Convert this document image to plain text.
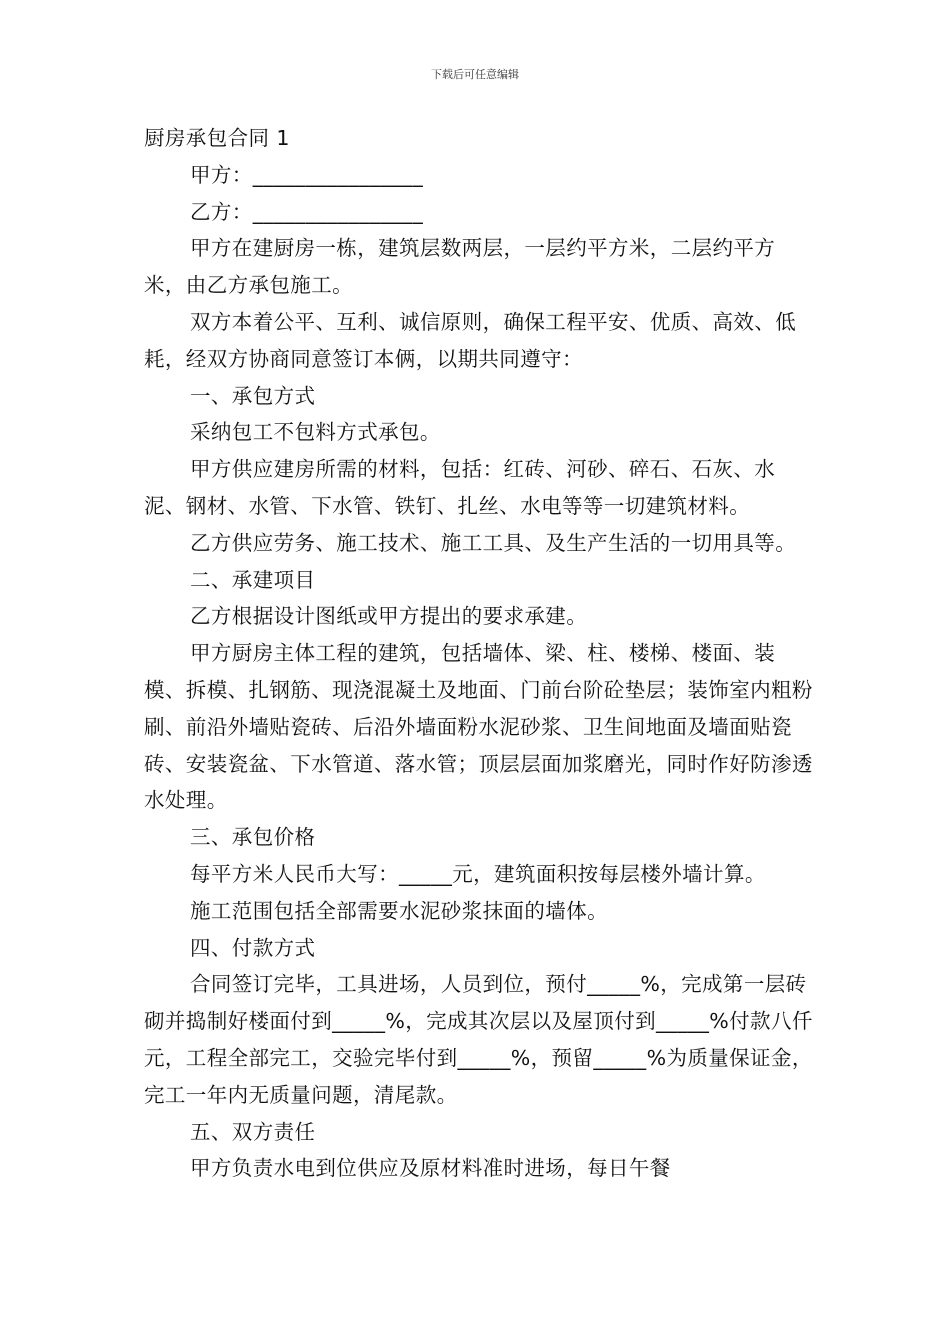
下载后可任意编辑

厨房承包合同 1

甲方：________________

乙方：________________

甲方在建厨房一栋，建筑层数两层，一层约平方米，二层约平方米，由乙方承包施工。

双方本着公平、互利、诚信原则，确保工程平安、优质、高效、低耗，经双方协商同意签订本俩，以期共同遵守：

一、承包方式

采纳包工不包料方式承包。

甲方供应建房所需的材料，包括：红砖、河砂、碎石、石灰、水泥、钢材、水管、下水管、铁钉、扎丝、水电等等一切建筑材料。

乙方供应劳务、施工技术、施工工具、及生产生活的一切用具等。

二、承建项目

乙方根据设计图纸或甲方提出的要求承建。

甲方厨房主体工程的建筑，包括墙体、梁、柱、楼梯、楼面、装模、拆模、扎钢筋、现浇混凝土及地面、门前台阶砼垫层；装饰室内粗粉刷、前沿外墙贴瓷砖、后沿外墙面粉水泥砂浆、卫生间地面及墙面贴瓷砖、安装瓷盆、下水管道、落水管；顶层层面加浆磨光，同时作好防渗透水处理。

三、承包价格

每平方米人民币大写：_____元，建筑面积按每层楼外墙计算。

施工范围包括全部需要水泥砂浆抹面的墙体。

四、付款方式

合同签订完毕，工具进场，人员到位，预付_____%，完成第一层砖砌并捣制好楼面付到_____%，完成其次层以及屋顶付到_____%付款八仟元，工程全部完工，交验完毕付到_____%，预留_____%为质量保证金，完工一年内无质量问题，清尾款。

五、双方责任

甲方负责水电到位供应及原材料准时进场，每日午餐
